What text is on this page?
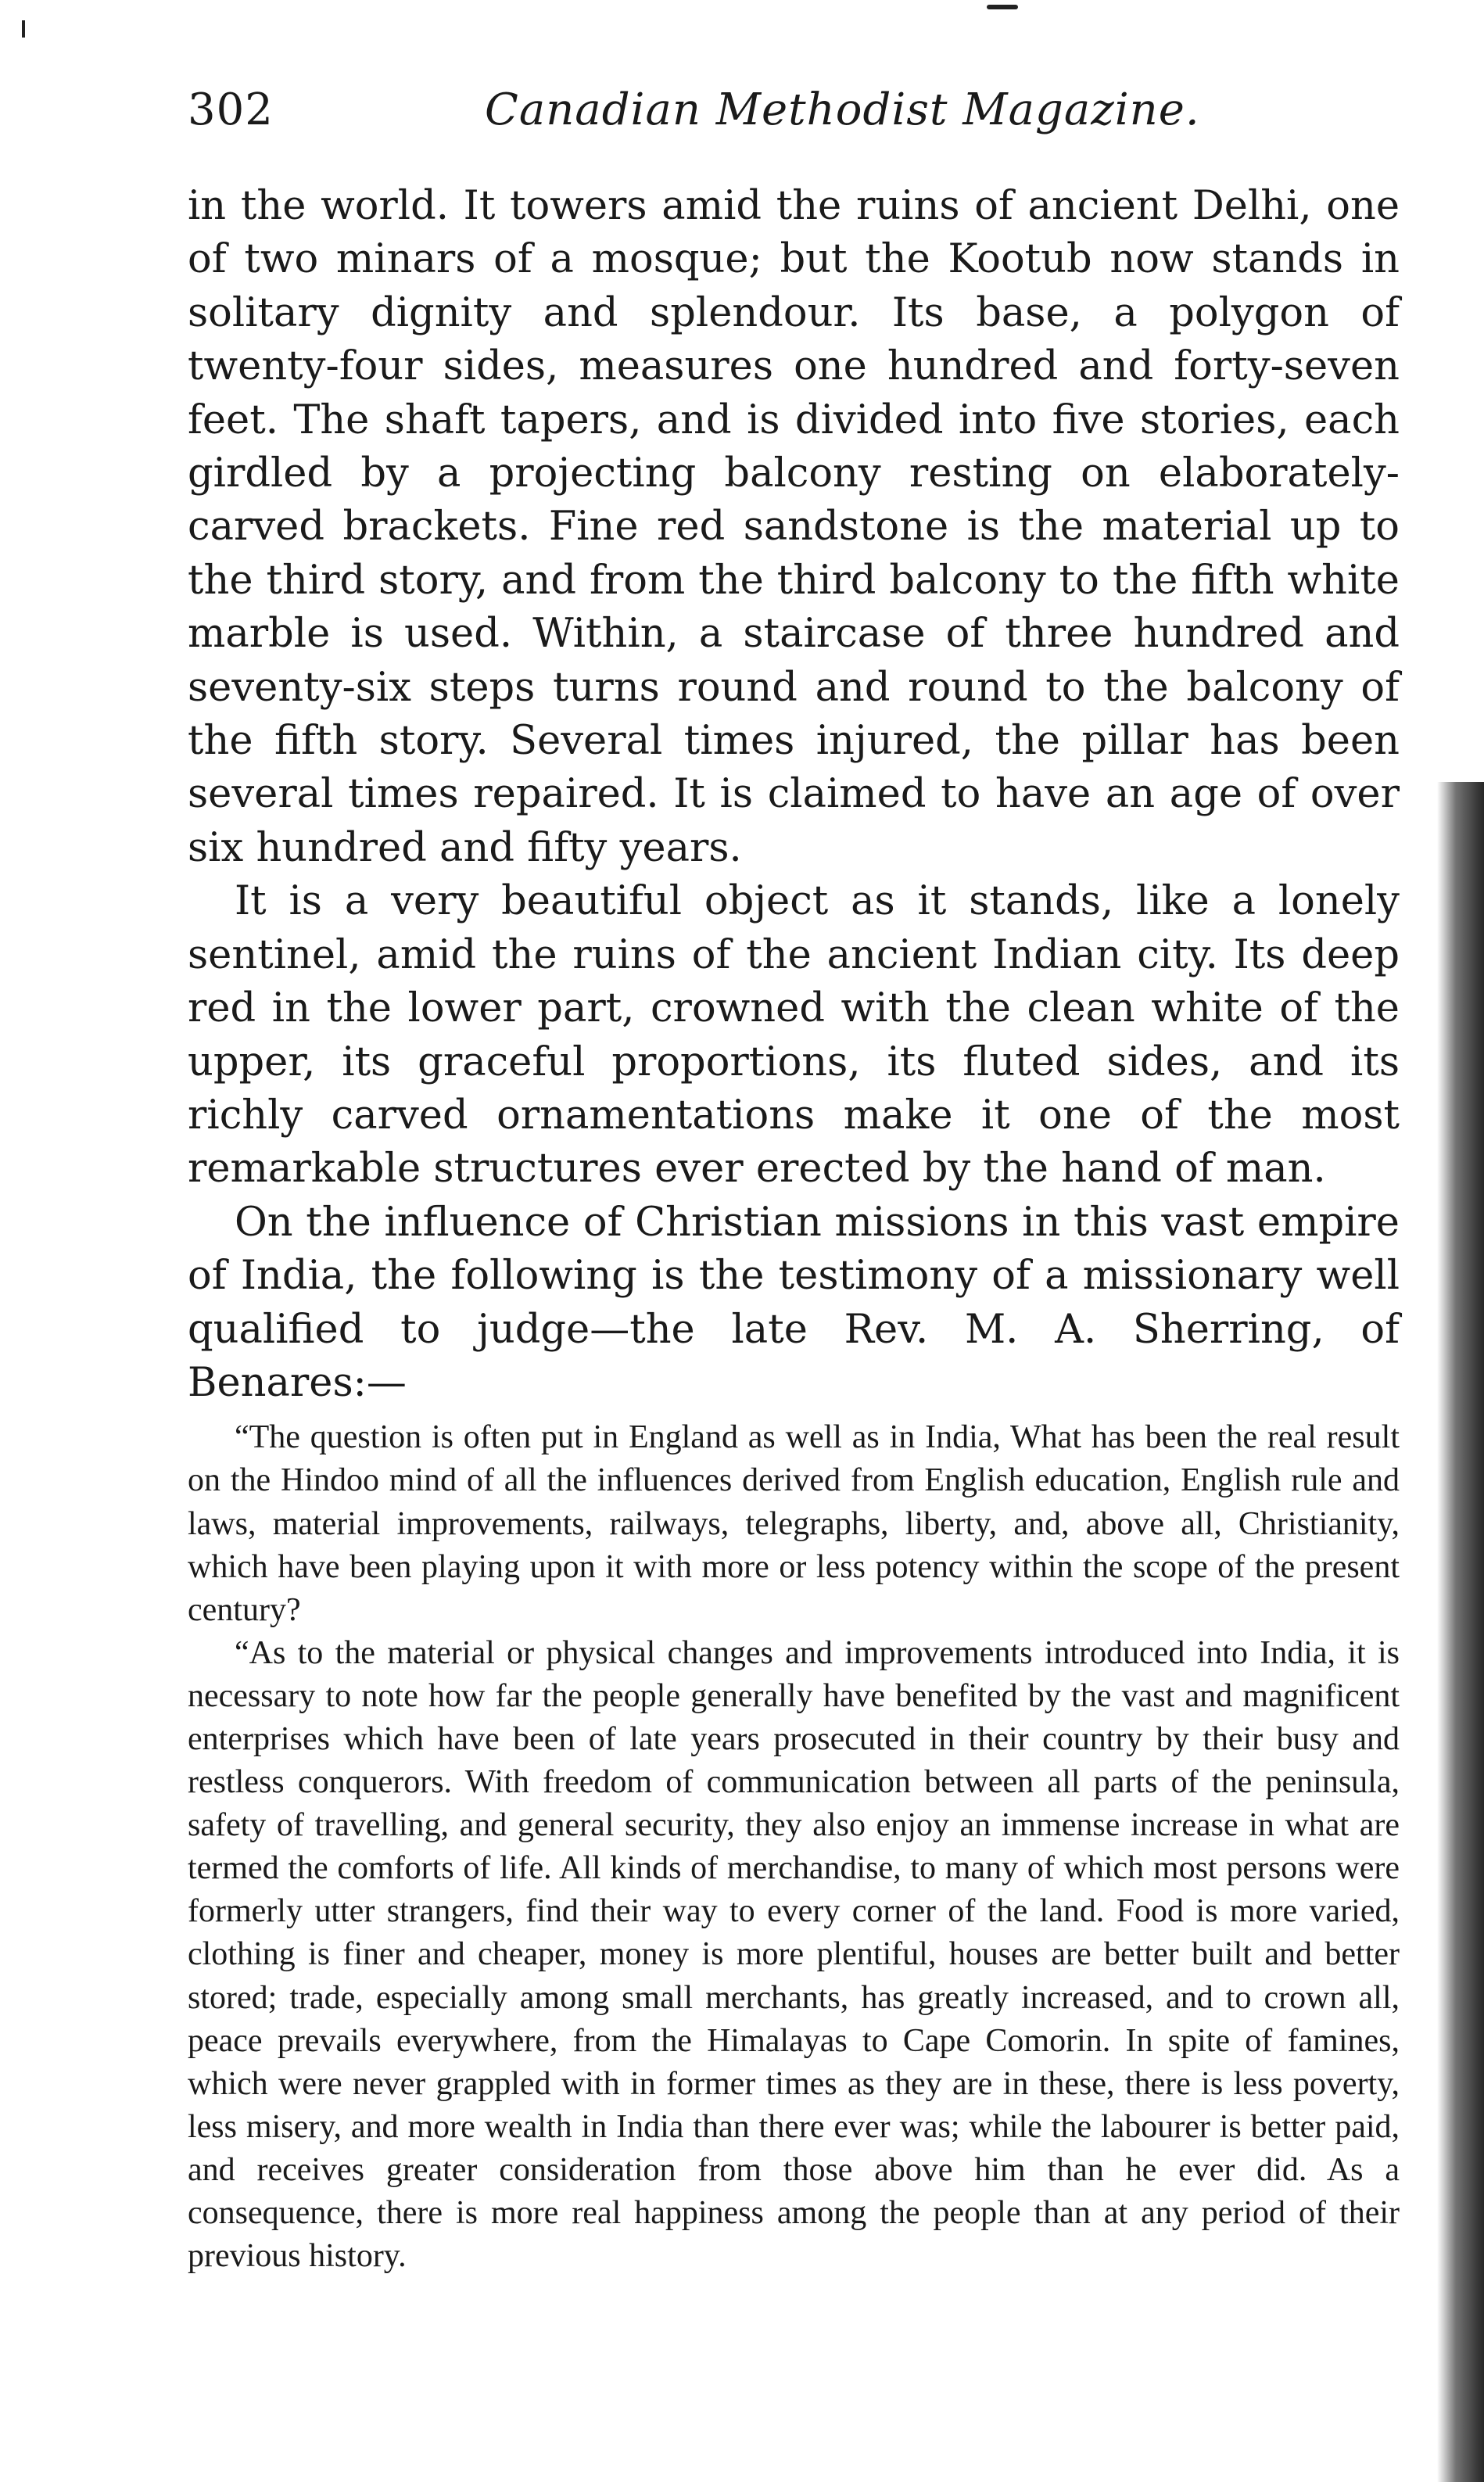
302	Canadian Methodist Magazine.

in the world. It towers amid the ruins of ancient Delhi, one of two minars of a mosque; but the Kootub now stands in solitary dignity and splendour. Its base, a polygon of twenty-four sides, measures one hundred and forty-seven feet. The shaft tapers, and is divided into five stories, each girdled by a projecting balcony resting on elaborately-carved brackets. Fine red sandstone is the material up to the third story, and from the third balcony to the fifth white marble is used. Within, a staircase of three hundred and seventy-six steps turns round and round to the balcony of the fifth story. Several times injured, the pillar has been several times repaired. It is claimed to have an age of over six hundred and fifty years.

It is a very beautiful object as it stands, like a lonely sentinel, amid the ruins of the ancient Indian city. Its deep red in the lower part, crowned with the clean white of the upper, its graceful proportions, its fluted sides, and its richly carved ornamentations make it one of the most remarkable structures ever erected by the hand of man.

On the influence of Christian missions in this vast empire of India, the following is the testimony of a missionary well qualified to judge—the late Rev. M. A. Sherring, of Benares:—

“The question is often put in England as well as in India, What has been the real result on the Hindoo mind of all the influences derived from English education, English rule and laws, material improvements, railways, telegraphs, liberty, and, above all, Christianity, which have been playing upon it with more or less potency within the scope of the present century?

“As to the material or physical changes and improvements introduced into India, it is necessary to note how far the people generally have benefited by the vast and magnificent enterprises which have been of late years prosecuted in their country by their busy and restless conquerors. With freedom of communication between all parts of the peninsula, safety of travelling, and general security, they also enjoy an immense increase in what are termed the comforts of life. All kinds of merchandise, to many of which most persons were formerly utter strangers, find their way to every corner of the land. Food is more varied, clothing is finer and cheaper, money is more plentiful, houses are better built and better stored; trade, especially among small merchants, has greatly increased, and to crown all, peace prevails everywhere, from the Himalayas to Cape Comorin. In spite of famines, which were never grappled with in former times as they are in these, there is less poverty, less misery, and more wealth in India than there ever was; while the labourer is better paid, and receives greater consideration from those above him than he ever did. As a consequence, there is more real happiness among the people than at any period of their previous history.
